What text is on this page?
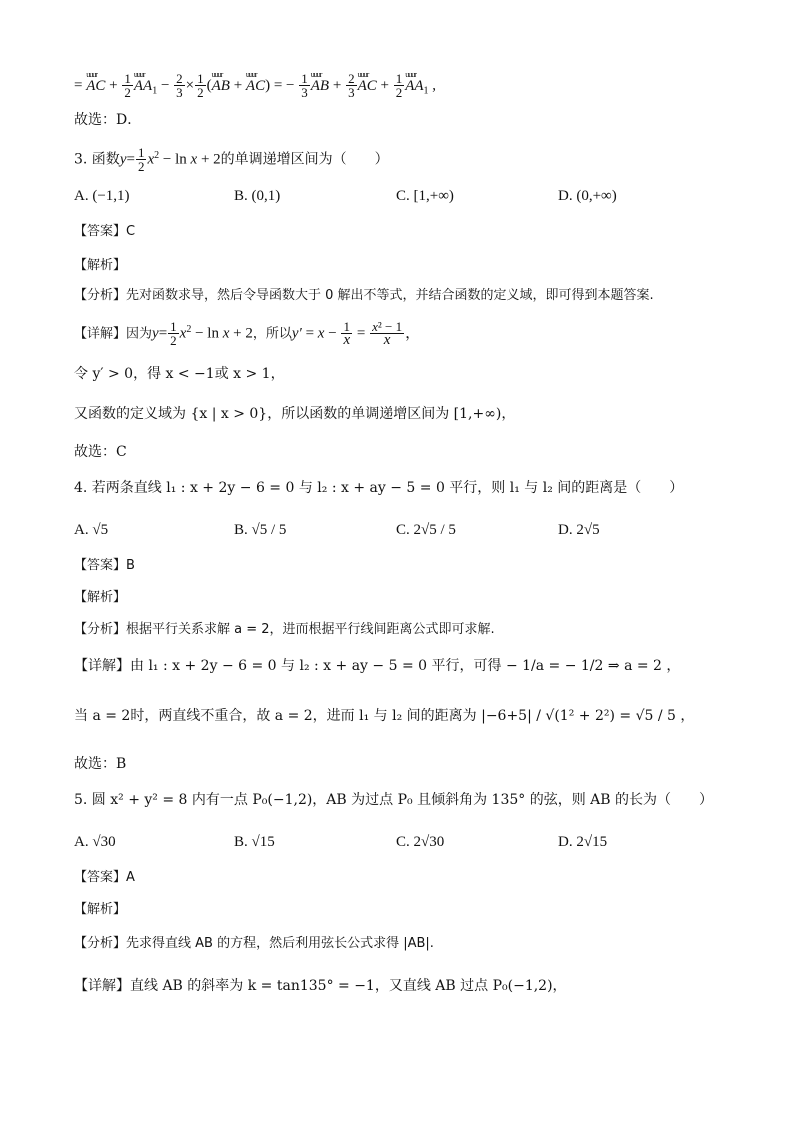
= uuur AC + $\frac{1}{2}$ uuur $AA_1 - \frac{2}{3} \times \frac{1}{2}$ (uuur AB + uuur AC) = − $\frac{1}{3}$ uuur AB + $\frac{2}{3}$ uuur AC + $\frac{1}{2}$ uuur $AA_1$ ,
故选：D．
3. 函数$y= \frac{1}{2} x^2 - \ln x + 2$的单调递增区间为（　　）
A. (−1,1)	B. (0,1)	C. [1,+∞)	D. (0,+∞)
【答案】C
【解析】
【分析】先对函数求导，然后令导函数大于 0 解出不等式，并结合函数的定义域，即可得到本题答案.
【详解】因为$y= \frac{1}{2} x^2 - \ln x + 2$，所以$y' = x - \frac{1}{x} = \frac{\text{x² − 1}}{x}$ ，
令 y′ > 0，得 x < −1或 x > 1，
又函数的定义域为 {x | x > 0}，所以函数的单调递增区间为 [1,+∞)，
故选：C
4. 若两条直线 l₁ : x + 2y − 6 = 0 与 l₂ : x + ay − 5 = 0 平行，则 l₁ 与 l₂ 间的距离是（　　）
A. √5	B. √5 / 5	C. 2√5 / 5	D. 2√5
【答案】B
【解析】
【分析】根据平行关系求解 a = 2，进而根据平行线间距离公式即可求解.
【详解】由 l₁ : x + 2y − 6 = 0 与 l₂ : x + ay − 5 = 0 平行，可得 − 1/a = − 1/2 ⇒ a = 2 ，
当 a = 2时，两直线不重合，故 a = 2，进而 l₁ 与 l₂ 间的距离为 |−6+5| / √(1² + 2²) = √5 / 5 ，
故选：B
5. 圆 x² + y² = 8 内有一点 P₀(−1,2)，AB 为过点 P₀ 且倾斜角为 135° 的弦，则 AB 的长为（　　）
A. √30	B. √15	C. 2√30	D. 2√15
【答案】A
【解析】
【分析】先求得直线 AB 的方程，然后利用弦长公式求得 |AB|.
【详解】直线 AB 的斜率为 k = tan135° = −1，又直线 AB 过点 P₀(−1,2)，
